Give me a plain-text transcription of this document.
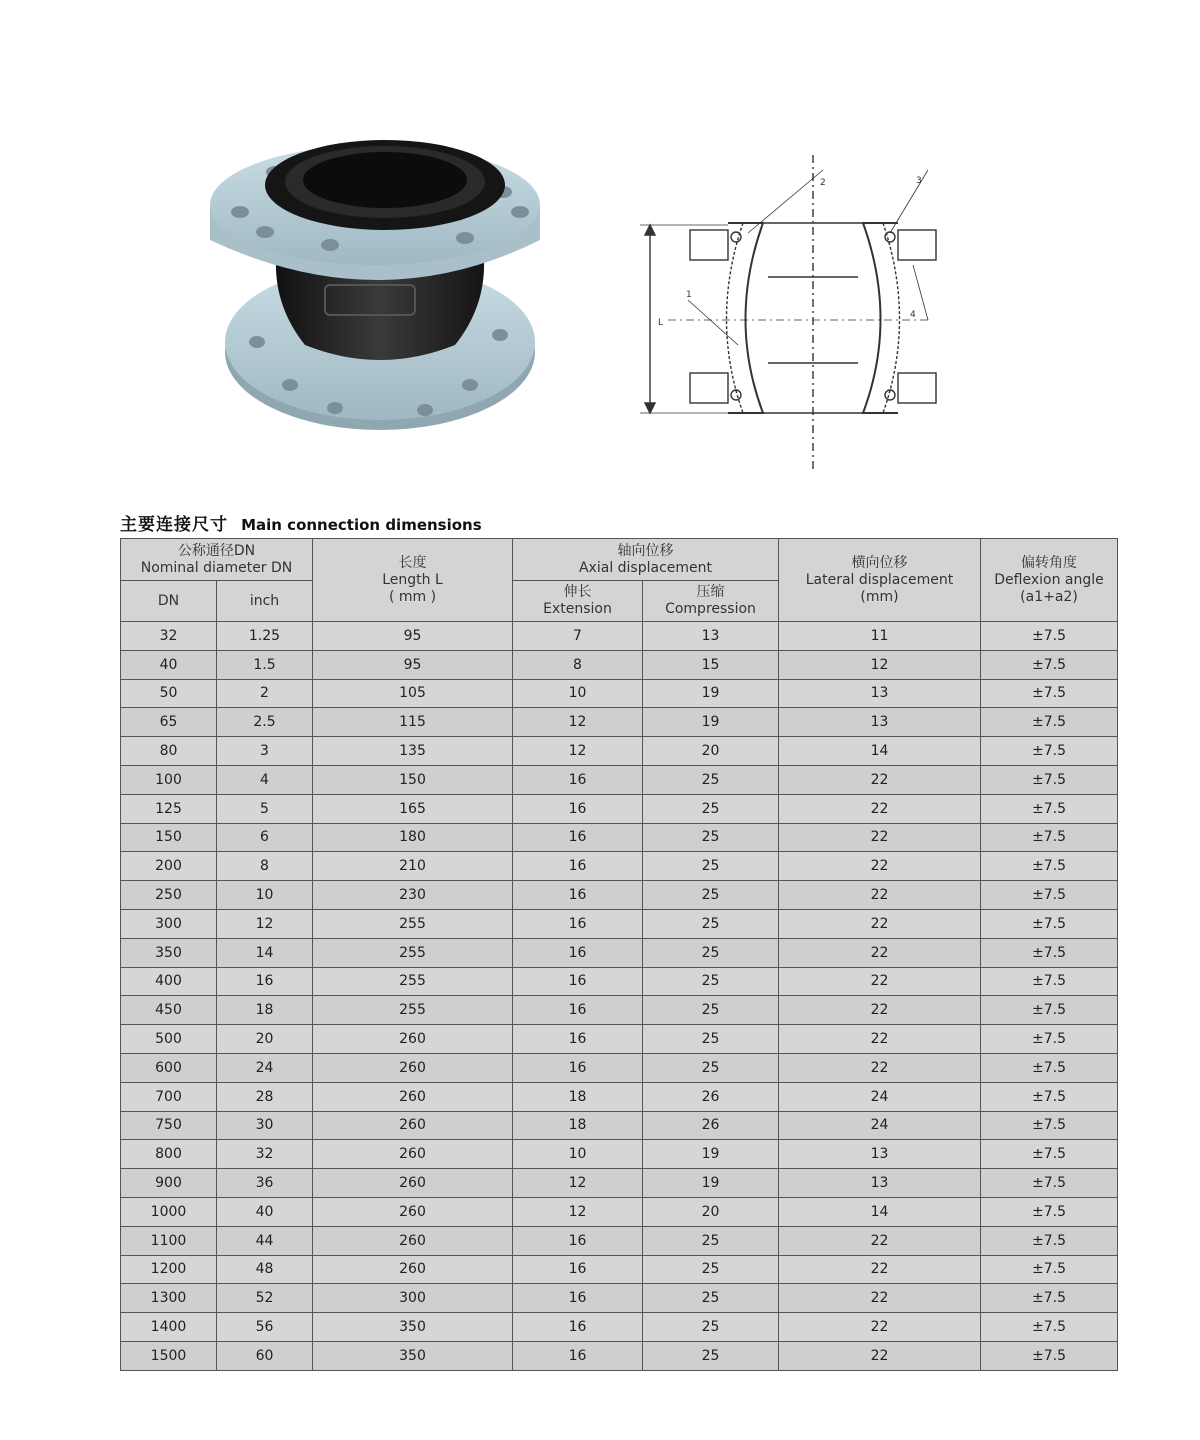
L
1
2	3
4
主要连接尺寸 Main connection dimensions
公称通径DN
Nominal diameter DN		长度
Length L
( mm )	轴向位移
Axial displacement		横向位移
Lateral displacement
(mm)	偏转角度
Deflexion angle
(a1+a2)

DN	inch		伸长
Extension	压缩
Compression		

32	1.25	95	7	13	11	±7.5
40	1.5	95	8	15	12	±7.5
50	2	105	10	19	13	±7.5
65	2.5	115	12	19	13	±7.5
80	3	135	12	20	14	±7.5
100	4	150	16	25	22	±7.5
125	5	165	16	25	22	±7.5
150	6	180	16	25	22	±7.5
200	8	210	16	25	22	±7.5
250	10	230	16	25	22	±7.5
300	12	255	16	25	22	±7.5
350	14	255	16	25	22	±7.5
400	16	255	16	25	22	±7.5
450	18	255	16	25	22	±7.5
500	20	260	16	25	22	±7.5
600	24	260	16	25	22	±7.5
700	28	260	18	26	24	±7.5
750	30	260	18	26	24	±7.5
800	32	260	10	19	13	±7.5
900	36	260	12	19	13	±7.5
1000	40	260	12	20	14	±7.5
1100	44	260	16	25	22	±7.5
1200	48	260	16	25	22	±7.5
1300	52	300	16	25	22	±7.5
1400	56	350	16	25	22	±7.5
1500	60	350	16	25	22	±7.5
